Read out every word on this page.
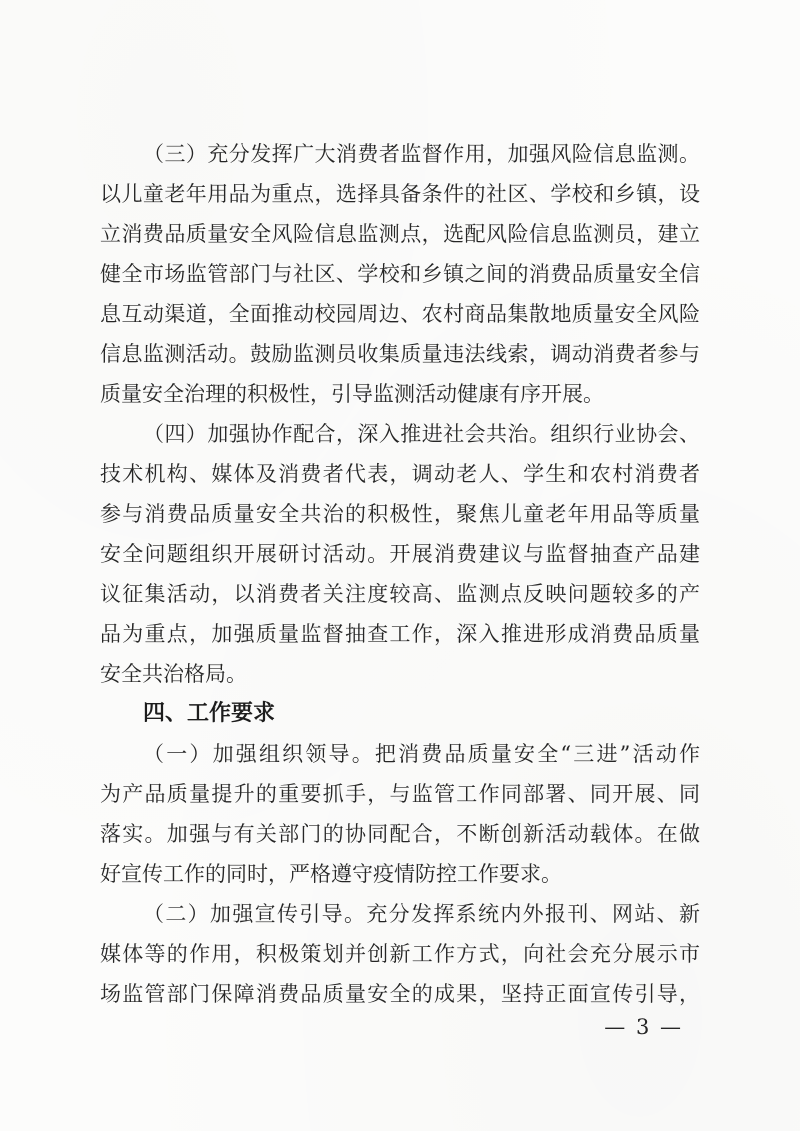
（三）充分发挥广大消费者监督作用，加强风险信息监测。
以儿童老年用品为重点，选择具备条件的社区、学校和乡镇，设
立消费品质量安全风险信息监测点，选配风险信息监测员，建立
健全市场监管部门与社区、学校和乡镇之间的消费品质量安全信
息互动渠道，全面推动校园周边、农村商品集散地质量安全风险
信息监测活动。鼓励监测员收集质量违法线索，调动消费者参与
质量安全治理的积极性，引导监测活动健康有序开展。
（四）加强协作配合，深入推进社会共治。组织行业协会、
技术机构、媒体及消费者代表，调动老人、学生和农村消费者
参与消费品质量安全共治的积极性，聚焦儿童老年用品等质量
安全问题组织开展研讨活动。开展消费建议与监督抽查产品建
议征集活动，以消费者关注度较高、监测点反映问题较多的产
品为重点，加强质量监督抽查工作，深入推进形成消费品质量
安全共治格局。
四、工作要求
（一）加强组织领导。把消费品质量安全“三进”活动作
为产品质量提升的重要抓手，与监管工作同部署、同开展、同
落实。加强与有关部门的协同配合，不断创新活动载体。在做
好宣传工作的同时，严格遵守疫情防控工作要求。
（二）加强宣传引导。充分发挥系统内外报刊、网站、新
媒体等的作用，积极策划并创新工作方式，向社会充分展示市
场监管部门保障消费品质量安全的成果，坚持正面宣传引导，
— 3 —
